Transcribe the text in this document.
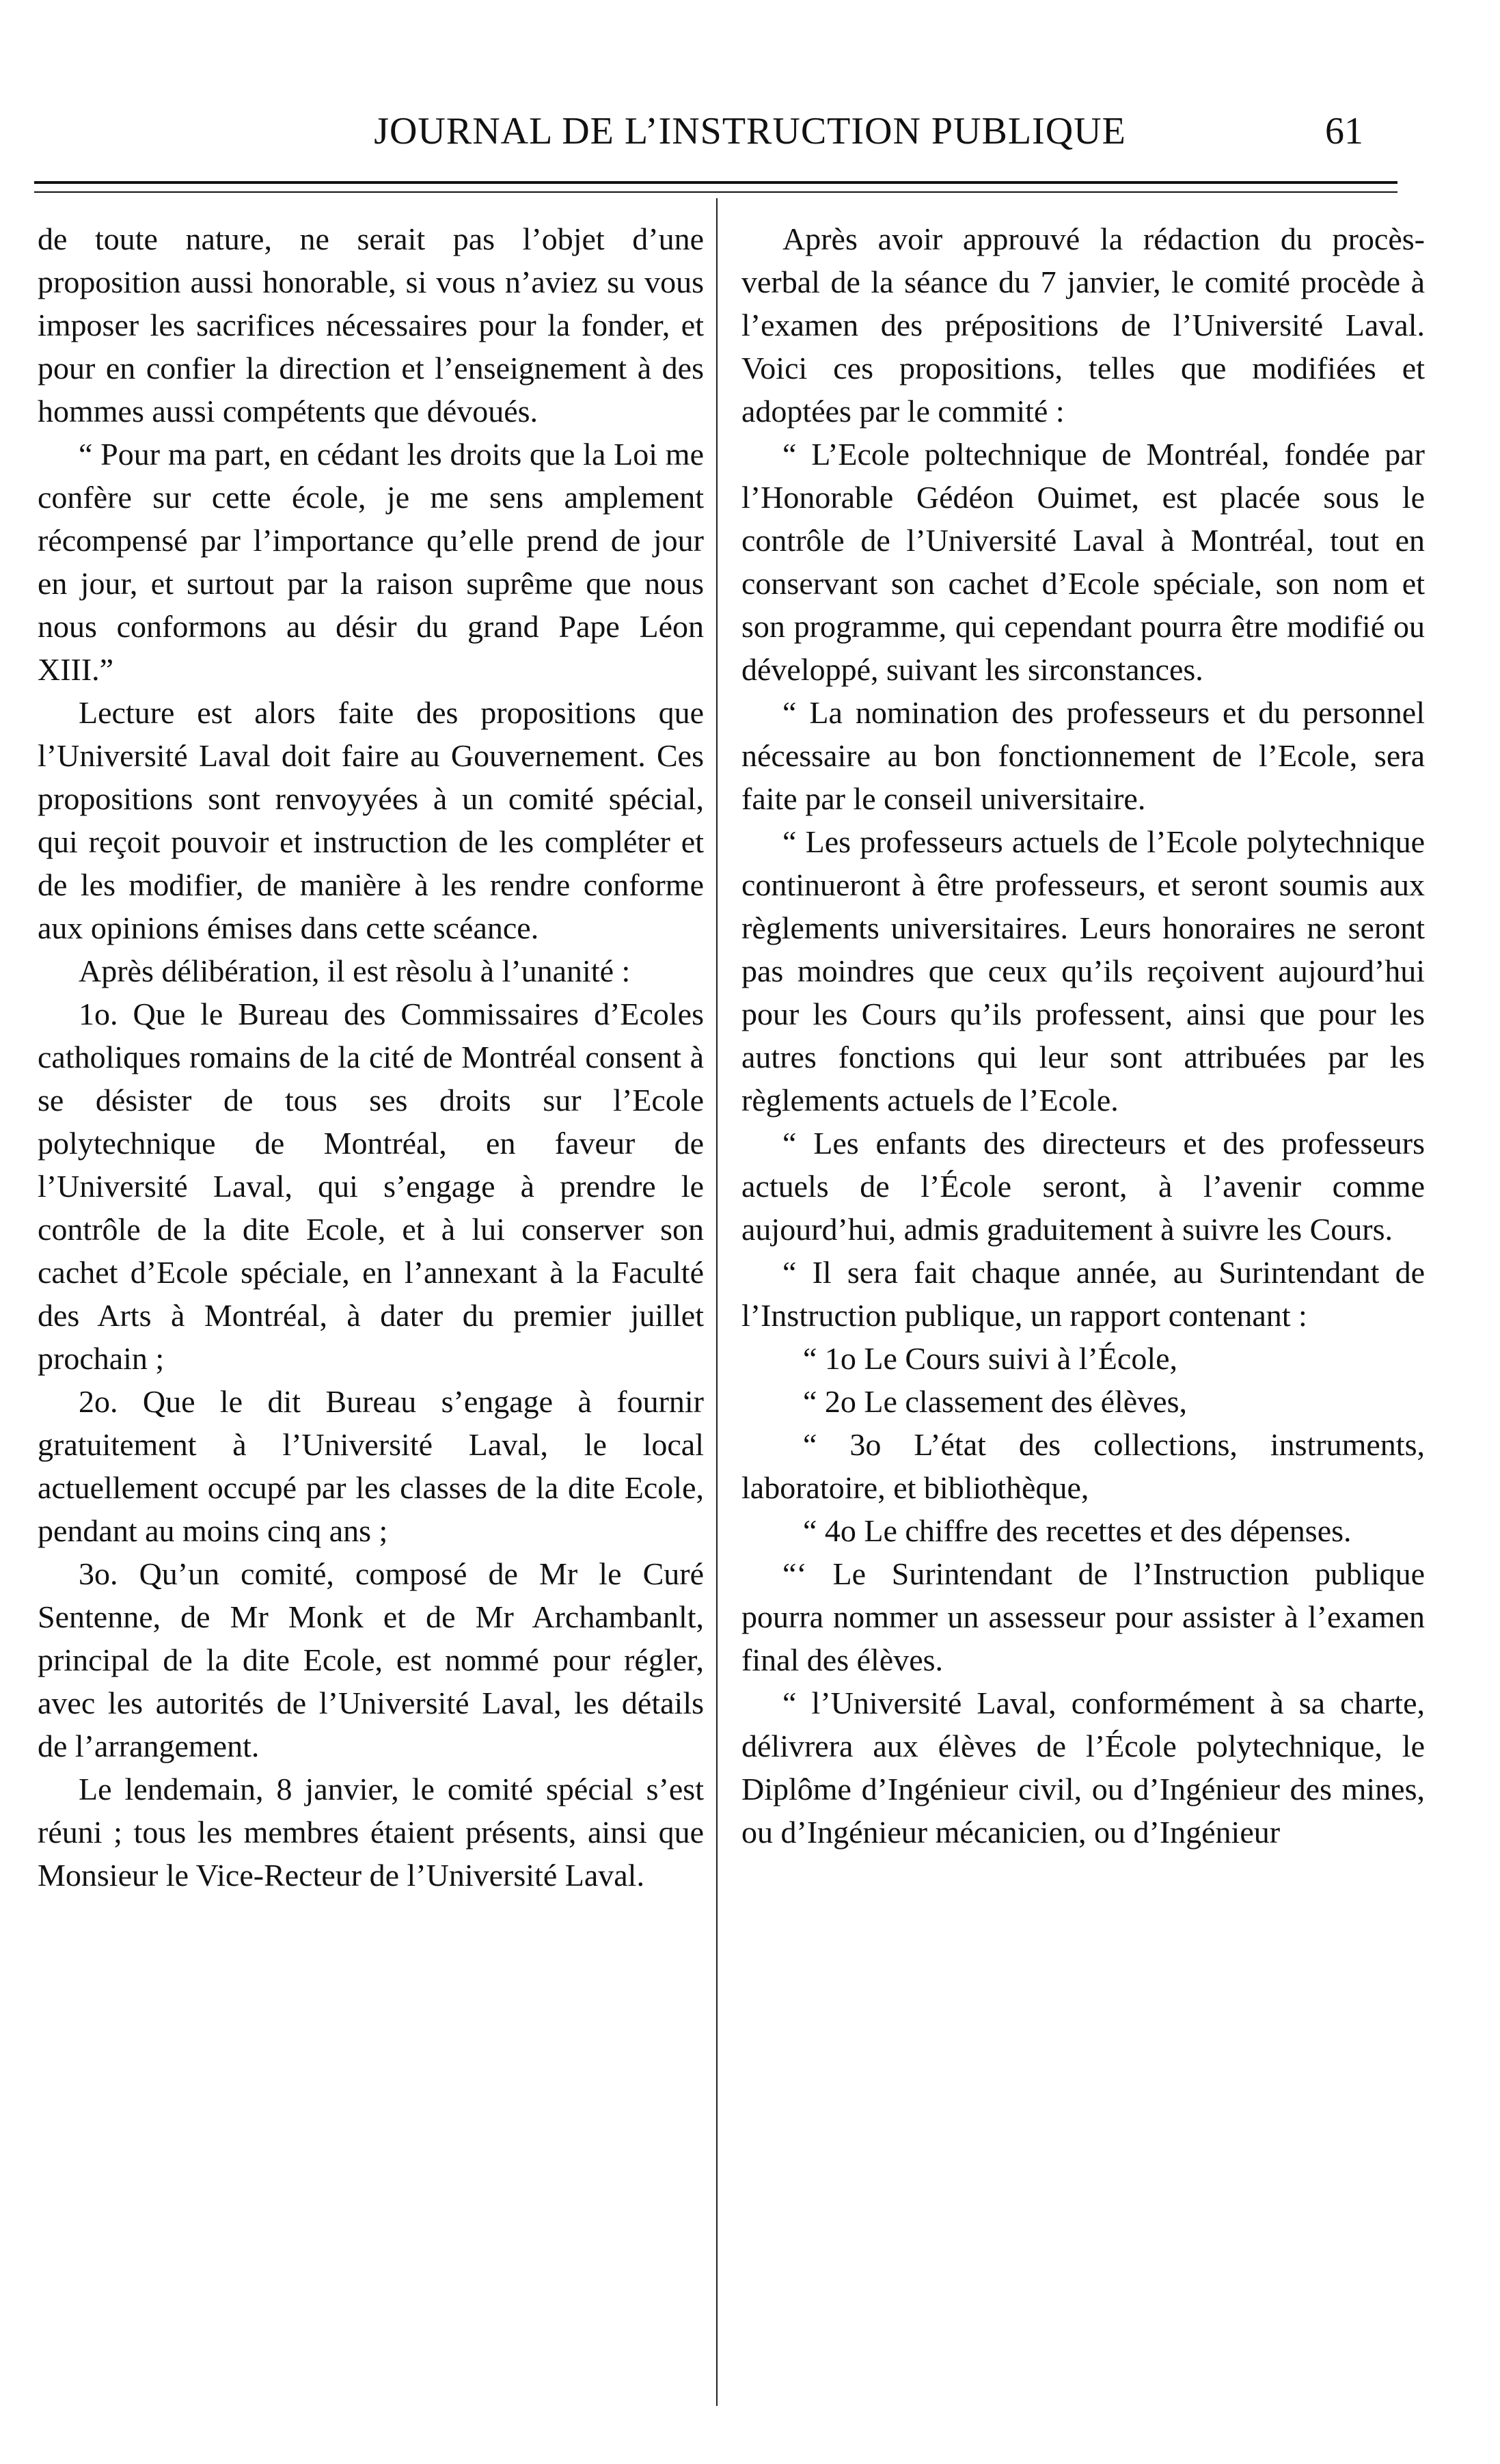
JOURNAL DE L’INSTRUCTION PUBLIQUE	61

de toute nature, ne serait pas l’objet d’une proposition aussi honorable, si vous n’aviez su vous imposer les sacrifices nécessaires pour la fonder, et pour en confier la direction et l’enseignement à des hommes aussi compétents que dévoués.

“ Pour ma part, en cédant les droits que la Loi me confère sur cette école, je me sens amplement récompensé par l’importance qu’elle prend de jour en jour, et surtout par la raison suprême que nous nous conformons au désir du grand Pape Léon XIII.”

Lecture est alors faite des propositions que l’Université Laval doit faire au Gouvernement. Ces propositions sont renvoyyées à un comité spécial, qui reçoit pouvoir et instruction de les compléter et de les modifier, de manière à les rendre conforme aux opinions émises dans cette scéance.

Après délibération, il est rèsolu à l’unanité :

1o. Que le Bureau des Commissaires d’Ecoles catholiques romains de la cité de Montréal consent à se désister de tous ses droits sur l’Ecole polytechnique de Montréal, en faveur de l’Université Laval, qui s’engage à prendre le contrôle de la dite Ecole, et à lui conserver son cachet d’Ecole spéciale, en l’annexant à la Faculté des Arts à Montréal, à dater du premier juillet prochain ;

2o. Que le dit Bureau s’engage à fournir gratuitement à l’Université Laval, le local actuellement occupé par les classes de la dite Ecole, pendant au moins cinq ans ;

3o. Qu’un comité, composé de Mr le Curé Sentenne, de Mr Monk et de Mr Archambanlt, principal de la dite Ecole, est nommé pour régler, avec les autorités de l’Université Laval, les détails de l’arrangement.

Le lendemain, 8 janvier, le comité spécial s’est réuni ; tous les membres étaient présents, ainsi que Monsieur le Vice-Recteur de l’Université Laval.

Après avoir approuvé la rédaction du procès-verbal de la séance du 7 janvier, le comité procède à l’examen des prépositions de l’Université Laval. Voici ces propositions, telles que modifiées et adoptées par le commité :

“ L’Ecole poltechnique de Montréal, fondée par l’Honorable Gédéon Ouimet, est placée sous le contrôle de l’Université Laval à Montréal, tout en conservant son cachet d’Ecole spéciale, son nom et son programme, qui cependant pourra être modifié ou développé, suivant les sirconstances.

“ La nomination des professeurs et du personnel nécessaire au bon fonctionnement de l’Ecole, sera faite par le conseil universitaire.

“ Les professeurs actuels de l’Ecole polytechnique continueront à être professeurs, et seront soumis aux règlements universitaires. Leurs honoraires ne seront pas moindres que ceux qu’ils reçoivent aujourd’hui pour les Cours qu’ils professent, ainsi que pour les autres fonctions qui leur sont attribuées par les règlements actuels de l’Ecole.

“ Les enfants des directeurs et des professeurs actuels de l’École seront, à l’avenir comme aujourd’hui, admis graduitement à suivre les Cours.

“ Il sera fait chaque année, au Surintendant de l’Instruction publique, un rapport contenant :

“ 1o Le Cours suivi à l’École,

“ 2o Le classement des élèves,

“ 3o L’état des collections, instruments, laboratoire, et bibliothèque,

“ 4o Le chiffre des recettes et des dépenses.

“‘ Le Surintendant de l’Instruction publique pourra nommer un assesseur pour assister à l’examen final des élèves.

“ l’Université Laval, conformément à sa charte, délivrera aux élèves de l’École polytechnique, le Diplôme d’Ingénieur civil, ou d’Ingénieur des mines, ou d’Ingénieur mécanicien, ou d’Ingénieur
